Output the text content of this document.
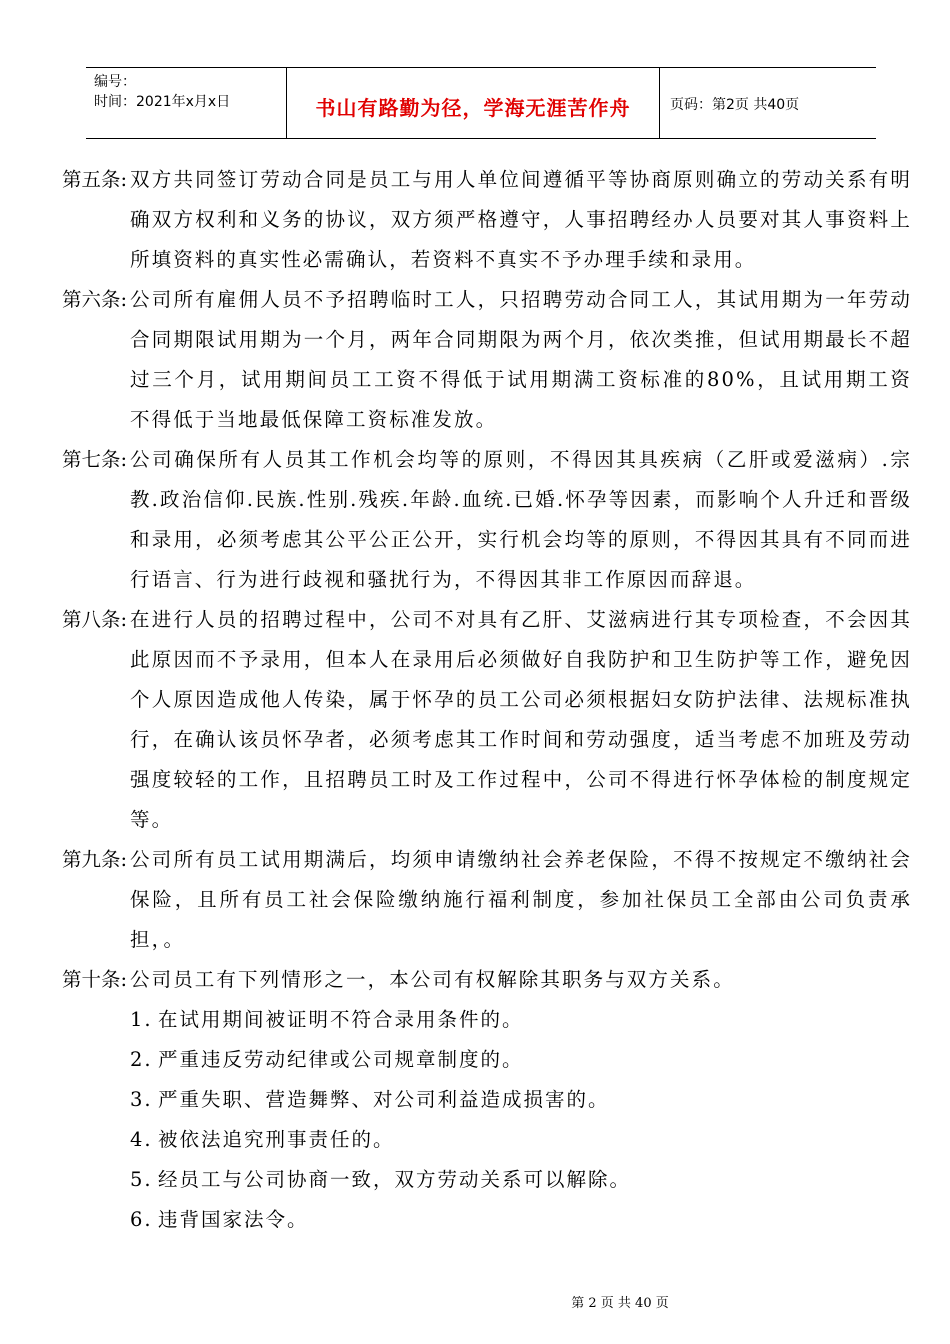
编号：
时间：2021年x月x日	书山有路勤为径，学海无涯苦作舟	页码：第2页 共40页
第五条: 双方共同签订劳动合同是员工与用人单位间遵循平等协商原则确立的劳动关系有明确双方权利和义务的协议，双方须严格遵守，人事招聘经办人员要对其人事资料上所填资料的真实性必需确认，若资料不真实不予办理手续和录用。
第六条: 公司所有雇佣人员不予招聘临时工人，只招聘劳动合同工人，其试用期为一年劳动合同期限试用期为一个月，两年合同期限为两个月，依次类推，但试用期最长不超过三个月，试用期间员工工资不得低于试用期满工资标准的80%，且试用期工资不得低于当地最低保障工资标准发放。
第七条: 公司确保所有人员其工作机会均等的原则，不得因其具疾病（乙肝或爱滋病）.宗教.政治信仰.民族.性别.残疾.年龄.血统.已婚.怀孕等因素，而影响个人升迁和晋级和录用，必须考虑其公平公正公开，实行机会均等的原则，不得因其具有不同而进行语言、行为进行歧视和骚扰行为，不得因其非工作原因而辞退。
第八条: 在进行人员的招聘过程中，公司不对具有乙肝、艾滋病进行其专项检查，不会因其此原因而不予录用，但本人在录用后必须做好自我防护和卫生防护等工作，避免因个人原因造成他人传染，属于怀孕的员工公司必须根据妇女防护法律、法规标准执行，在确认该员怀孕者，必须考虑其工作时间和劳动强度，适当考虑不加班及劳动强度较轻的工作，且招聘员工时及工作过程中，公司不得进行怀孕体检的制度规定等。
第九条: 公司所有员工试用期满后，均须申请缴纳社会养老保险，不得不按规定不缴纳社会保险，且所有员工社会保险缴纳施行福利制度，参加社保员工全部由公司负责承担，。
第十条: 公司员工有下列情形之一，本公司有权解除其职务与双方关系。
1. 在试用期间被证明不符合录用条件的。
2. 严重违反劳动纪律或公司规章制度的。
3. 严重失职、营造舞弊、对公司利益造成损害的。
4. 被依法追究刑事责任的。
5. 经员工与公司协商一致，双方劳动关系可以解除。
6. 违背国家法令。
第 2 页 共 40 页
